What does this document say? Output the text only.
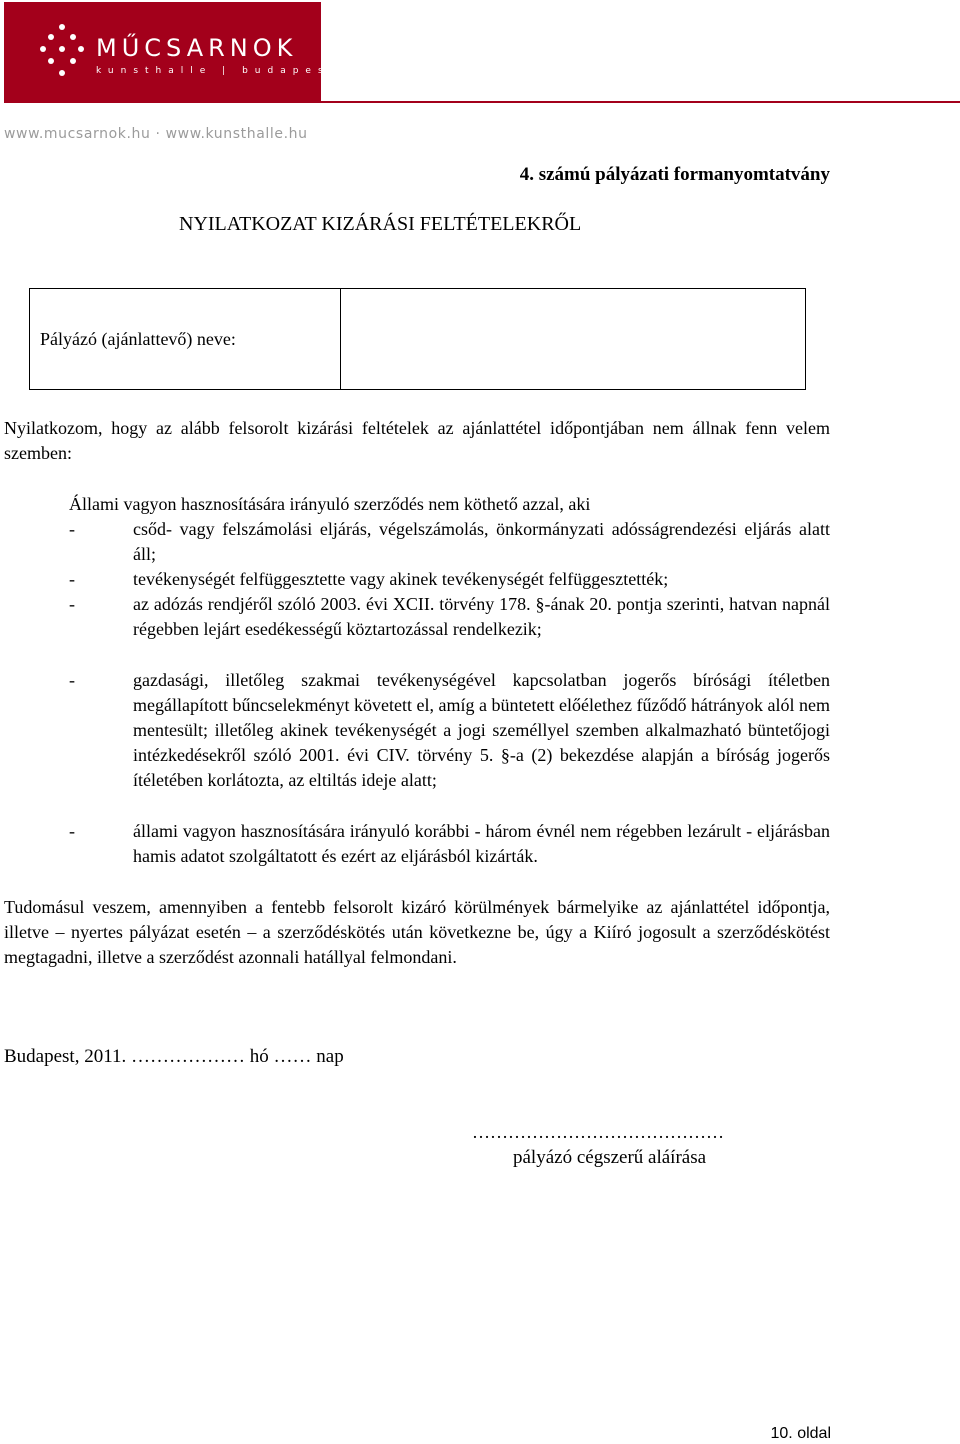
MŰCSARNOK
kunsthalle | budapest
www.mucsarnok.hu · www.kunsthalle.hu
4. számú pályázati formanyomtatvány
NYILATKOZAT KIZÁRÁSI FELTÉTELEKRŐL
Pályázó (ajánlattevő) neve:	
Nyilatkozom, hogy az alább felsorolt kizárási feltételek az ajánlattétel időpontjában nem állnak fenn velem szemben:
Állami vagyon hasznosítására irányuló szerződés nem köthető azzal, aki
-	csőd- vagy felszámolási eljárás, végelszámolás, önkormányzati adósságrendezési eljárás alatt áll;
-	tevékenységét felfüggesztette vagy akinek tevékenységét felfüggesztették;
-	az adózás rendjéről szóló 2003. évi XCII. törvény 178. §-ának 20. pontja szerinti, hatvan napnál régebben lejárt esedékességű köztartozással rendelkezik;
-	gazdasági, illetőleg szakmai tevékenységével kapcsolatban jogerős bírósági ítéletben megállapított bűncselekményt követett el, amíg a büntetett előélethez fűződő hátrányok alól nem mentesült; illetőleg akinek tevékenységét a jogi személlyel szemben alkalmazható büntetőjogi intézkedésekről szóló 2001. évi CIV. törvény 5. §-a (2) bekezdése alapján a bíróság jogerős ítéletében korlátozta, az eltiltás ideje alatt;
-	állami vagyon hasznosítására irányuló korábbi - három évnél nem régebben lezárult - eljárásban hamis adatot szolgáltatott és ezért az eljárásból kizárták.
Tudomásul veszem, amennyiben a fentebb felsorolt kizáró körülmények bármelyike az ajánlattétel időpontja, illetve – nyertes pályázat esetén – a szerződéskötés után következne be, úgy a Kiíró jogosult a szerződéskötést megtagadni, illetve a szerződést azonnali hatállyal felmondani.
Budapest, 2011. ……………… hó …… nap
……………………………………
pályázó cégszerű aláírása
10. oldal
